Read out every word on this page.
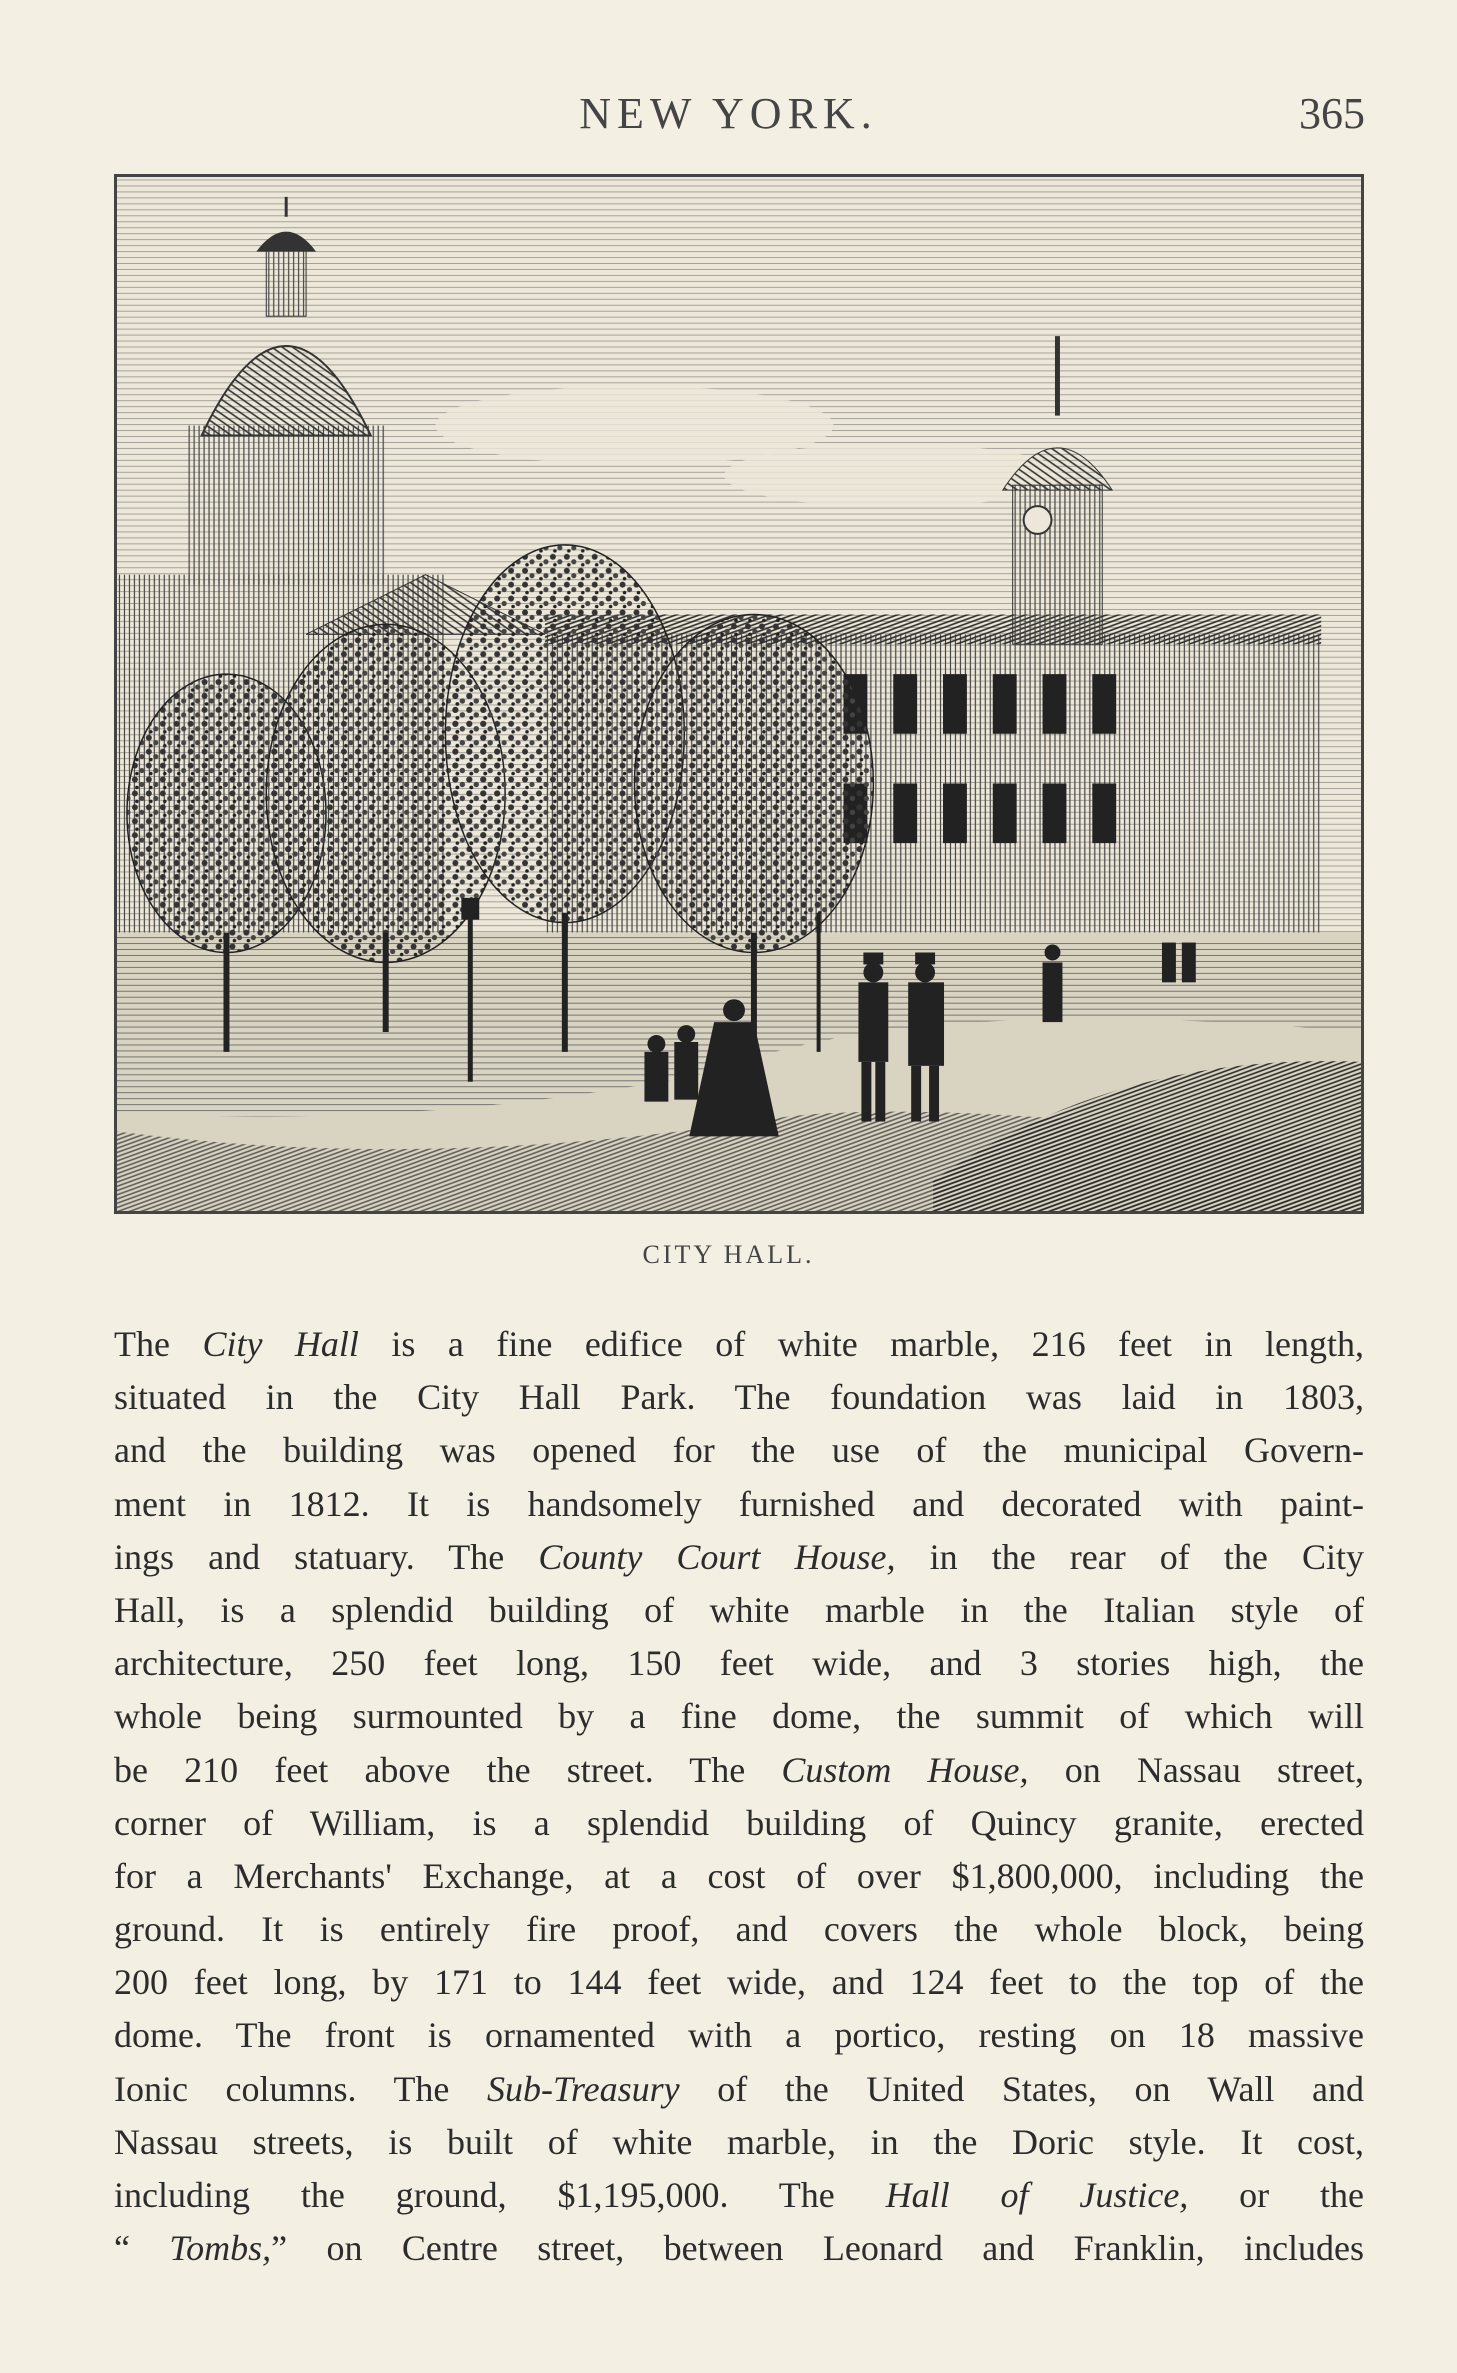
NEW YORK.	365
CITY HALL.
The City Hall is a fine edifice of white marble, 216 feet in length,
situated in the City Hall Park. The foundation was laid in 1803,
and the building was opened for the use of the municipal Govern-
ment in 1812. It is handsomely furnished and decorated with paint-
ings and statuary. The County Court House, in the rear of the City
Hall, is a splendid building of white marble in the Italian style of
architecture, 250 feet long, 150 feet wide, and 3 stories high, the
whole being surmounted by a fine dome, the summit of which will
be 210 feet above the street. The Custom House, on Nassau street,
corner of William, is a splendid building of Quincy granite, erected
for a Merchants' Exchange, at a cost of over $1,800,000, including the
ground. It is entirely fire proof, and covers the whole block, being
200 feet long, by 171 to 144 feet wide, and 124 feet to the top of the
dome. The front is ornamented with a portico, resting on 18 massive
Ionic columns. The Sub-Treasury of the United States, on Wall and
Nassau streets, is built of white marble, in the Doric style. It cost,
including the ground, $1,195,000. The Hall of Justice, or the
“ Tombs,” on Centre street, between Leonard and Franklin, includes
